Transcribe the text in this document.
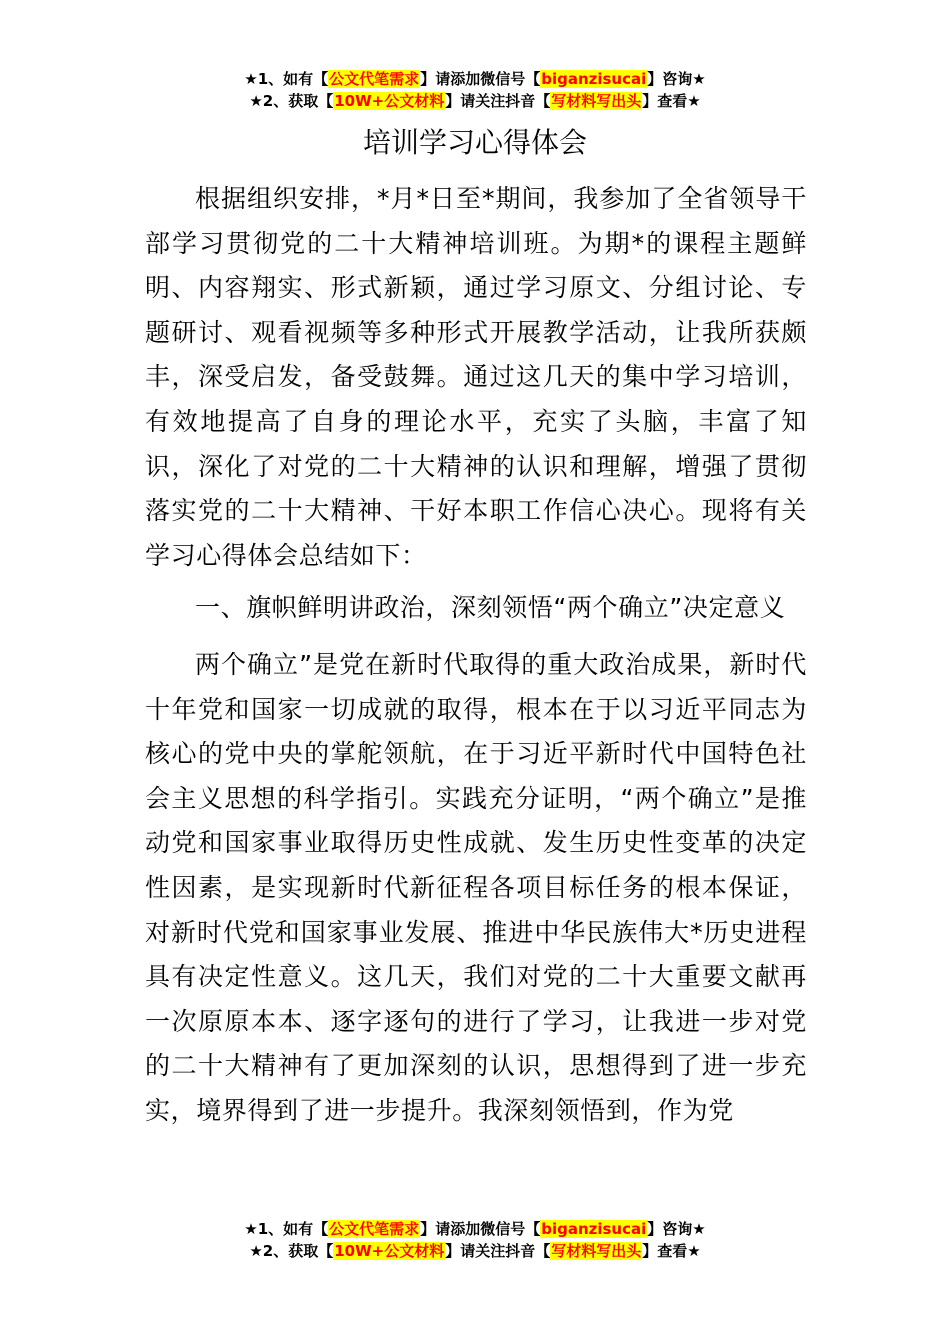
★1、如有【公文代笔需求】请添加微信号【biganzisucai】咨询★
★2、获取【10W+公文材料】请关注抖音【写材料写出头】查看★
培训学习心得体会

根据组织安排，*月*日至*期间，我参加了全省领导干部学习贯彻党的二十大精神培训班。为期*的课程主题鲜明、内容翔实、形式新颖，通过学习原文、分组讨论、专题研讨、观看视频等多种形式开展教学活动，让我所获颇丰，深受启发，备受鼓舞。通过这几天的集中学习培训，有效地提高了自身的理论水平，充实了头脑，丰富了知识，深化了对党的二十大精神的认识和理解，增强了贯彻落实党的二十大精神、干好本职工作信心决心。现将有关学习心得体会总结如下：

一、旗帜鲜明讲政治，深刻领悟“两个确立”决定意义

两个确立”是党在新时代取得的重大政治成果，新时代十年党和国家一切成就的取得，根本在于以习近平同志为核心的党中央的掌舵领航，在于习近平新时代中国特色社会主义思想的科学指引。实践充分证明，“两个确立”是推动党和国家事业取得历史性成就、发生历史性变革的决定性因素，是实现新时代新征程各项目标任务的根本保证，对新时代党和国家事业发展、推进中华民族伟大*历史进程具有决定性意义。这几天，我们对党的二十大重要文献再一次原原本本、逐字逐句的进行了学习，让我进一步对党的二十大精神有了更加深刻的认识，思想得到了进一步充实，境界得到了进一步提升。我深刻领悟到，作为党

★1、如有【公文代笔需求】请添加微信号【biganzisucai】咨询★
★2、获取【10W+公文材料】请关注抖音【写材料写出头】查看★
